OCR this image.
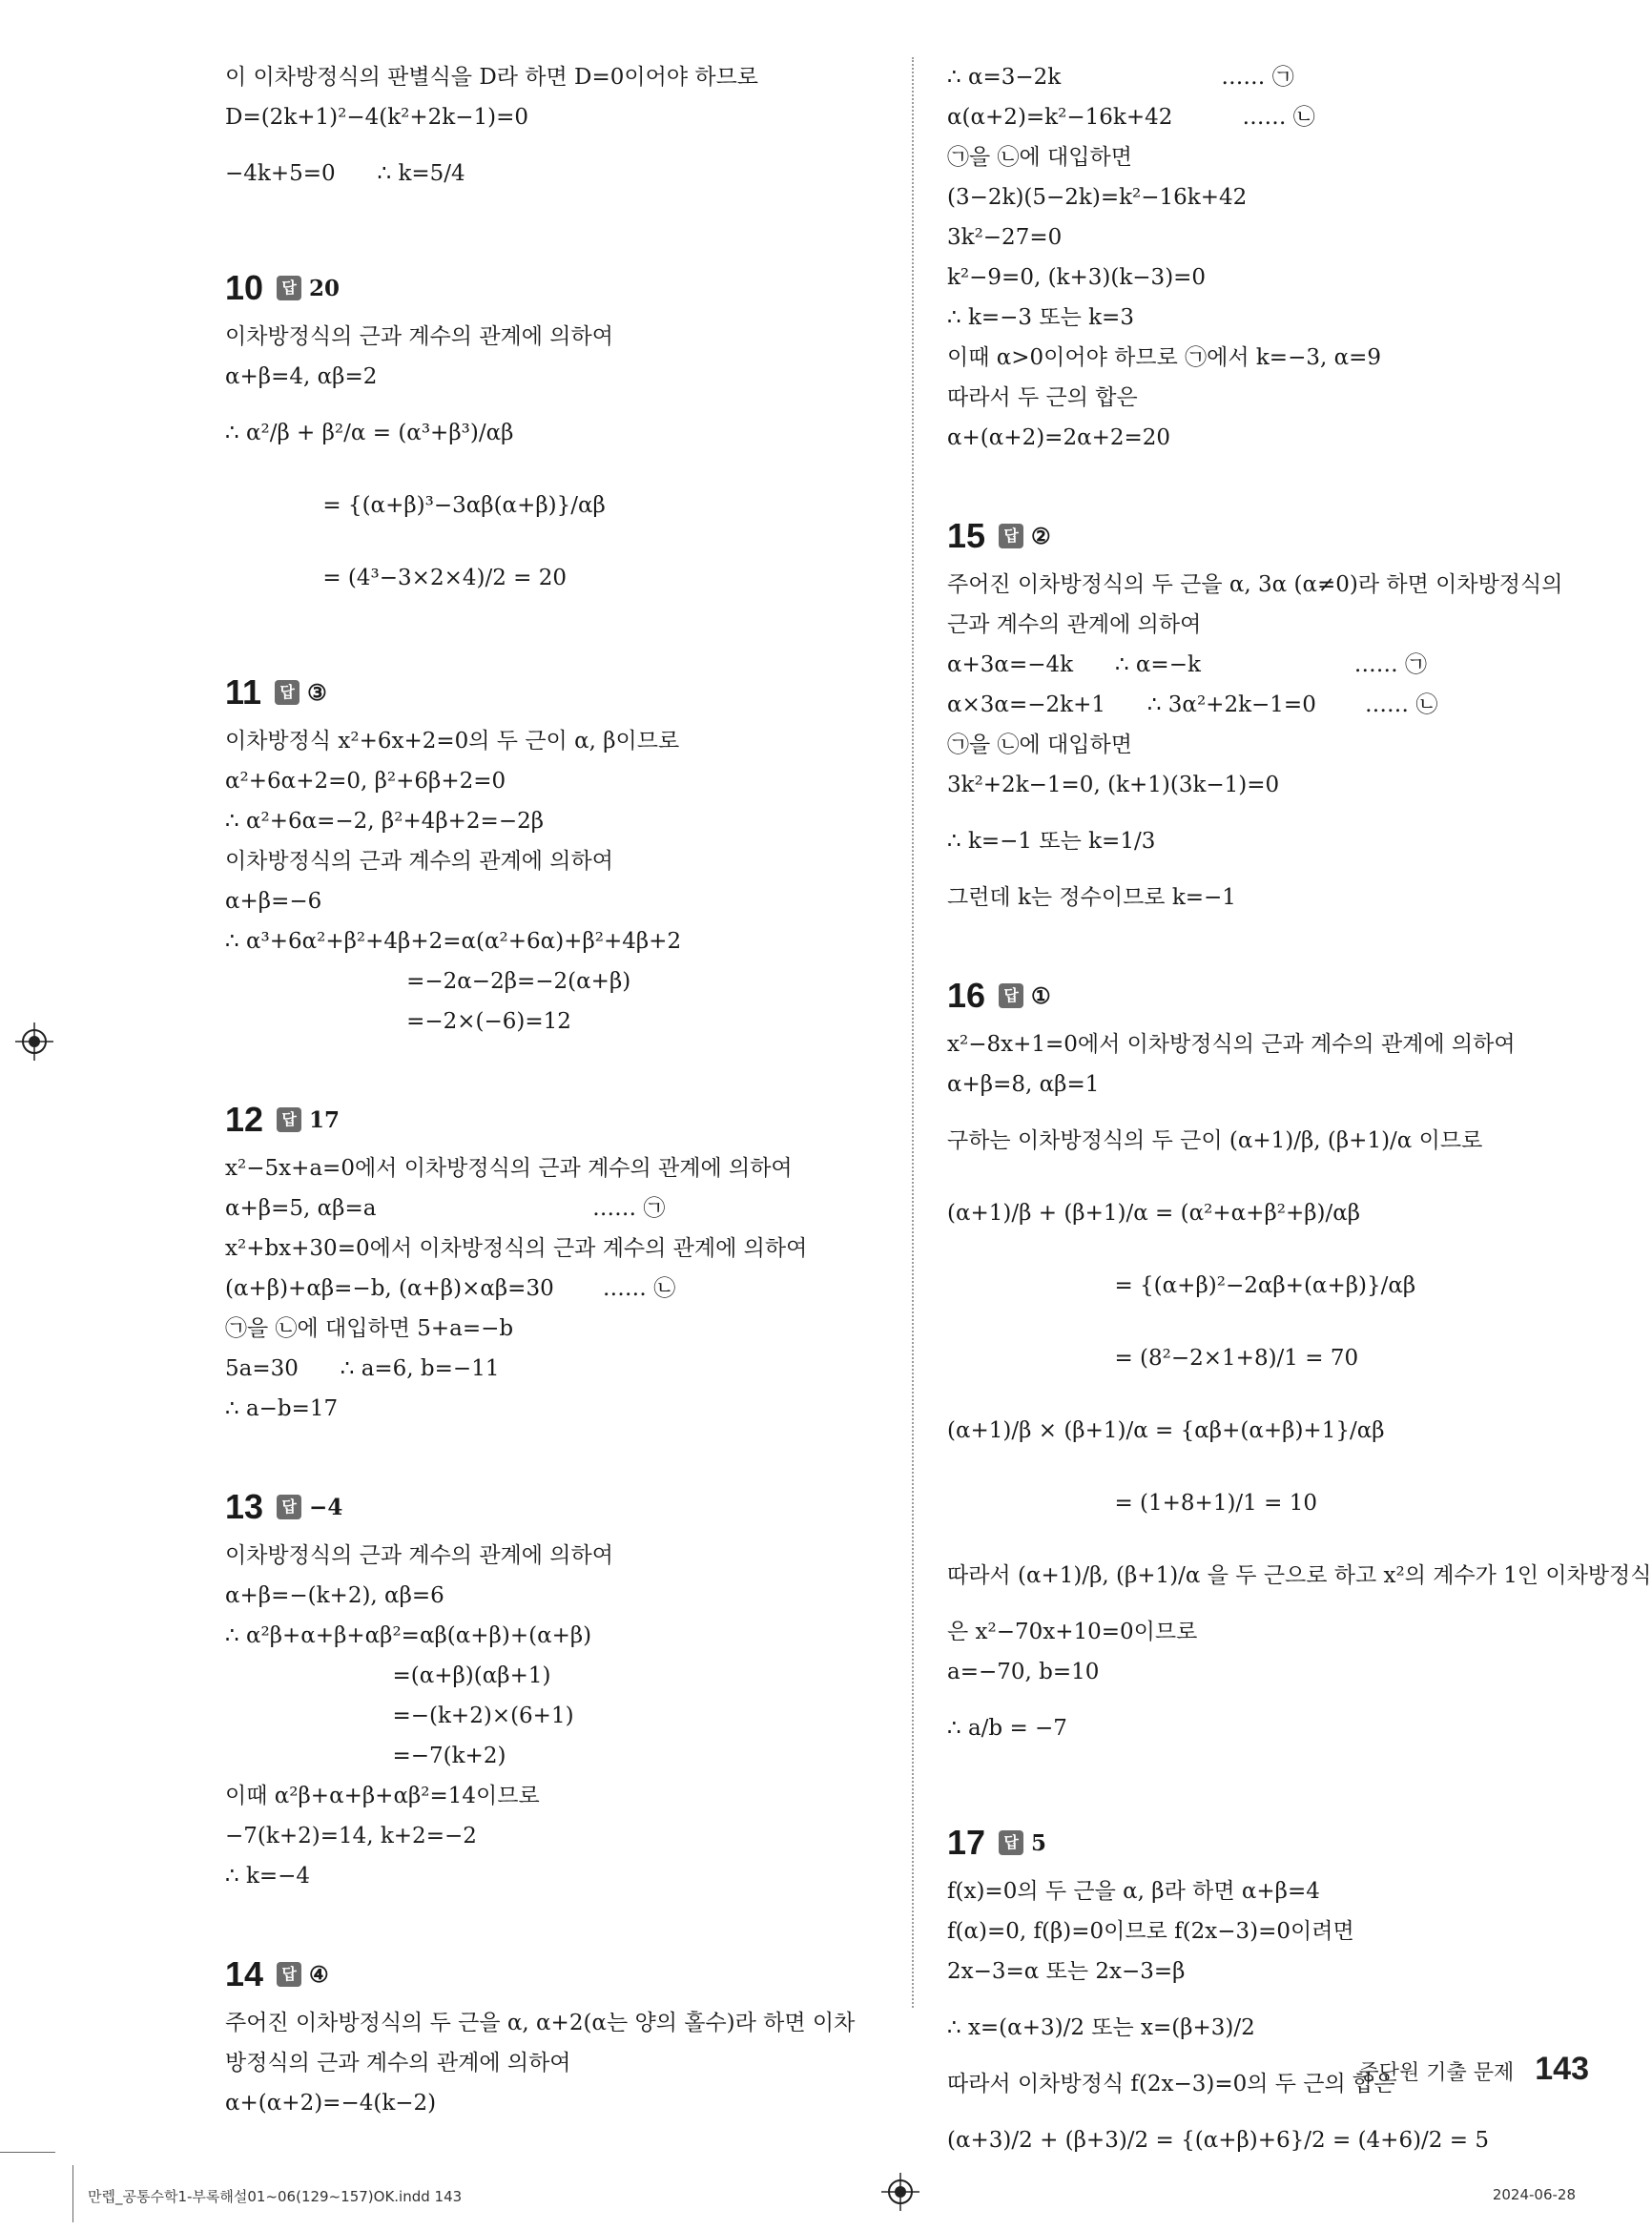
이 이차방정식의 판별식을 D라 하면 D=0이어야 하므로
D=(2k+1)²−4(k²+2k−1)=0
−4k+5=0      ∴ k=5/4
10	답 20
이차방정식의 근과 계수의 관계에 의하여
α+β=4, αβ=2
∴ α²/β + β²/α = (α³+β³)/αβ
= {(α+β)³−3αβ(α+β)}/αβ
= (4³−3×2×4)/2 = 20
11	답 ③
이차방정식 x²+6x+2=0의 두 근이 α, β이므로
α²+6α+2=0, β²+6β+2=0
∴ α²+6α=−2, β²+4β+2=−2β
이차방정식의 근과 계수의 관계에 의하여
α+β=−6
∴ α³+6α²+β²+4β+2=α(α²+6α)+β²+4β+2
=−2α−2β=−2(α+β)
=−2×(−6)=12
12	답 17
x²−5x+a=0에서 이차방정식의 근과 계수의 관계에 의하여
α+β=5, αβ=a                               …… ㉠
x²+bx+30=0에서 이차방정식의 근과 계수의 관계에 의하여
(α+β)+αβ=−b, (α+β)×αβ=30       …… ㉡
㉠을 ㉡에 대입하면 5+a=−b
5a=30      ∴ a=6, b=−11
∴ a−b=17
13	답 −4
이차방정식의 근과 계수의 관계에 의하여
α+β=−(k+2), αβ=6
∴ α²β+α+β+αβ²=αβ(α+β)+(α+β)
=(α+β)(αβ+1)
=−(k+2)×(6+1)
=−7(k+2)
이때 α²β+α+β+αβ²=14이므로
−7(k+2)=14, k+2=−2
∴ k=−4
14	답 ④
주어진 이차방정식의 두 근을 α, α+2(α는 양의 홀수)라 하면 이차
방정식의 근과 계수의 관계에 의하여
α+(α+2)=−4(k−2)
∴ α=3−2k                       …… ㉠
α(α+2)=k²−16k+42          …… ㉡
㉠을 ㉡에 대입하면
(3−2k)(5−2k)=k²−16k+42
3k²−27=0
k²−9=0, (k+3)(k−3)=0
∴ k=−3 또는 k=3
이때 α>0이어야 하므로 ㉠에서 k=−3, α=9
따라서 두 근의 합은
α+(α+2)=2α+2=20
15	답 ②
주어진 이차방정식의 두 근을 α, 3α (α≠0)라 하면 이차방정식의
근과 계수의 관계에 의하여
α+3α=−4k      ∴ α=−k                      …… ㉠
α×3α=−2k+1      ∴ 3α²+2k−1=0       …… ㉡
㉠을 ㉡에 대입하면
3k²+2k−1=0, (k+1)(3k−1)=0
∴ k=−1 또는 k=1/3
그런데 k는 정수이므로 k=−1
16	답 ①
x²−8x+1=0에서 이차방정식의 근과 계수의 관계에 의하여
α+β=8, αβ=1
구하는 이차방정식의 두 근이 (α+1)/β, (β+1)/α 이므로
(α+1)/β + (β+1)/α = (α²+α+β²+β)/αβ
= {(α+β)²−2αβ+(α+β)}/αβ
= (8²−2×1+8)/1 = 70
(α+1)/β × (β+1)/α = {αβ+(α+β)+1}/αβ
= (1+8+1)/1 = 10
따라서 (α+1)/β, (β+1)/α 을 두 근으로 하고 x²의 계수가 1인 이차방정식
은 x²−70x+10=0이므로
a=−70, b=10
∴ a/b = −7
17	답 5
f(x)=0의 두 근을 α, β라 하면 α+β=4
f(α)=0, f(β)=0이므로 f(2x−3)=0이려면
2x−3=α 또는 2x−3=β
∴ x=(α+3)/2 또는 x=(β+3)/2
따라서 이차방정식 f(2x−3)=0의 두 근의 합은
(α+3)/2 + (β+3)/2 = {(α+β)+6}/2 = (4+6)/2 = 5
중단원 기출 문제 143
만렙_공통수학1-부록해설01~06(129~157)OK.indd 143	2024-06-28
